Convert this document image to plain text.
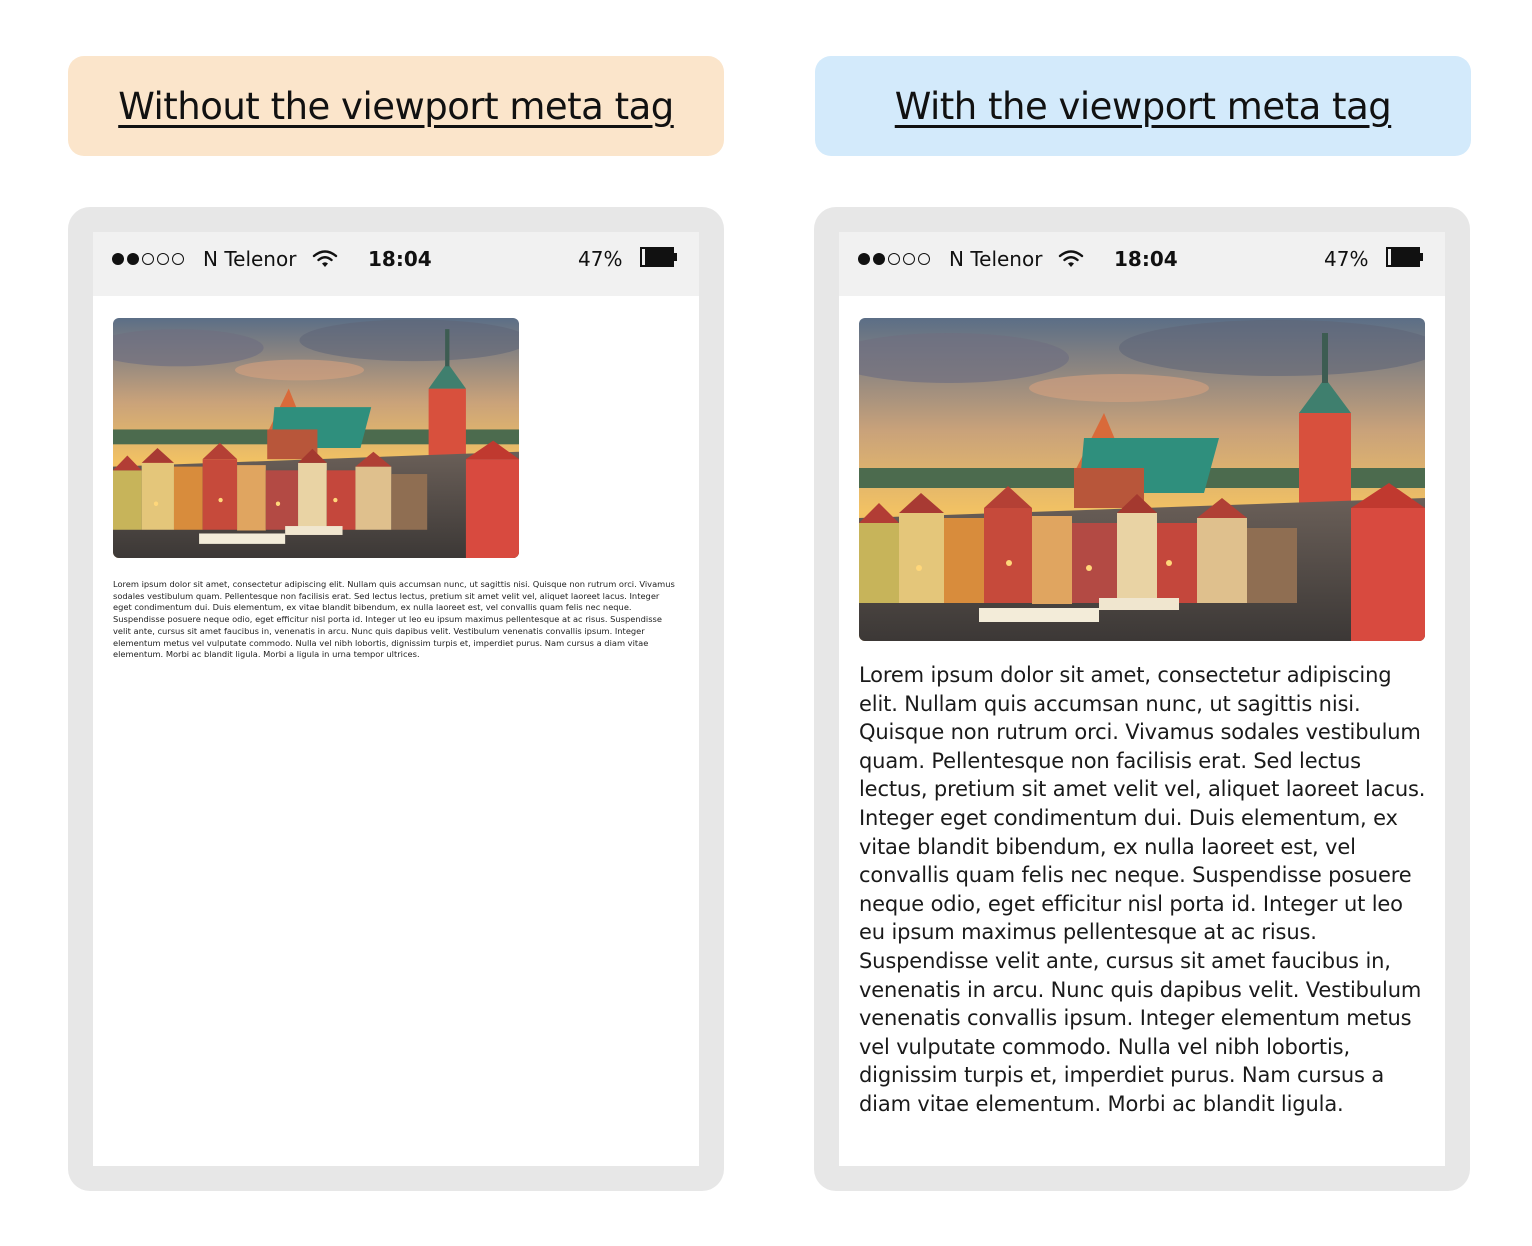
Without the viewport meta tag	With the viewport meta tag
N Telenor	18:04	47%
Lorem ipsum dolor sit amet, consectetur adipiscing elit. Nullam quis accumsan nunc, ut sagittis nisi. Quisque non rutrum orci. Vivamus sodales vestibulum quam. Pellentesque non facilisis erat. Sed lectus lectus, pretium sit amet velit vel, aliquet laoreet lacus. Integer eget condimentum dui. Duis elementum, ex vitae blandit bibendum, ex nulla laoreet est, vel convallis quam felis nec neque. Suspendisse posuere neque odio, eget efficitur nisl porta id. Integer ut leo eu ipsum maximus pellentesque at ac risus. Suspendisse velit ante, cursus sit amet faucibus in, venenatis in arcu. Nunc quis dapibus velit. Vestibulum venenatis convallis ipsum. Integer elementum metus vel vulputate commodo. Nulla vel nibh lobortis, dignissim turpis et, imperdiet purus. Nam cursus a diam vitae elementum. Morbi ac blandit ligula. Morbi a ligula in urna tempor ultrices.
N Telenor	18:04	47%
Lorem ipsum dolor sit amet, consectetur adipiscing elit. Nullam quis accumsan nunc, ut sagittis nisi. Quisque non rutrum orci. Vivamus sodales vestibulum quam. Pellentesque non facilisis erat. Sed lectus lectus, pretium sit amet velit vel, aliquet laoreet lacus. Integer eget condimentum dui. Duis elementum, ex vitae blandit bibendum, ex nulla laoreet est, vel convallis quam felis nec neque. Suspendisse posuere neque odio, eget efficitur nisl porta id. Integer ut leo eu ipsum maximus pellentesque at ac risus. Suspendisse velit ante, cursus sit amet faucibus in, venenatis in arcu. Nunc quis dapibus velit. Vestibulum venenatis convallis ipsum. Integer elementum metus vel vulputate commodo. Nulla vel nibh lobortis, dignissim turpis et, imperdiet purus. Nam cursus a diam vitae elementum. Morbi ac blandit ligula.
